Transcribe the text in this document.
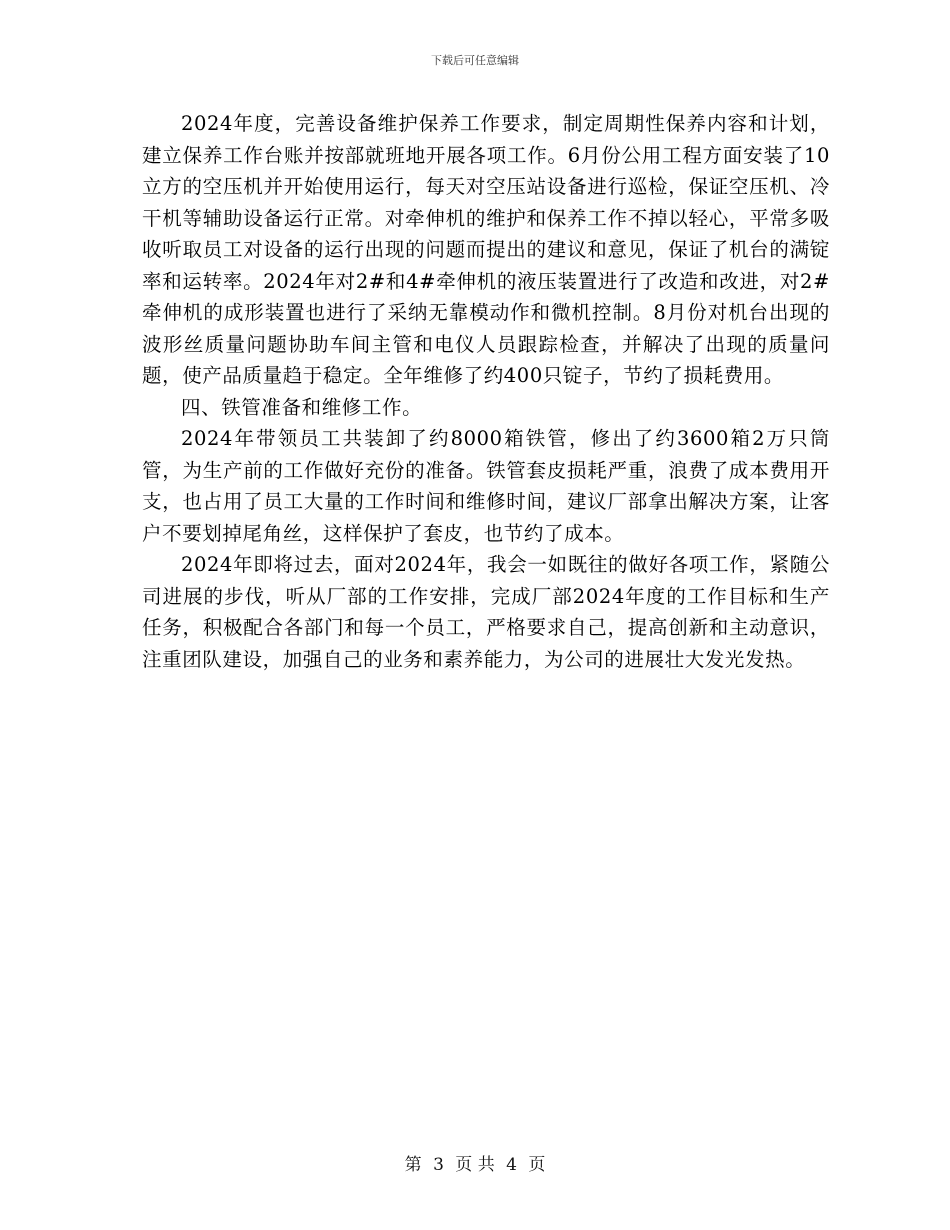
下载后可任意编辑

2024年度，完善设备维护保养工作要求，制定周期性保养内容和计划，建立保养工作台账并按部就班地开展各项工作。6月份公用工程方面安装了10立方的空压机并开始使用运行，每天对空压站设备进行巡检，保证空压机、冷干机等辅助设备运行正常。对牵伸机的维护和保养工作不掉以轻心，平常多吸收听取员工对设备的运行出现的问题而提出的建议和意见，保证了机台的满锭率和运转率。2024年对2#和4#牵伸机的液压装置进行了改造和改进，对2#牵伸机的成形装置也进行了采纳无靠模动作和微机控制。8月份对机台出现的波形丝质量问题协助车间主管和电仪人员跟踪检查，并解决了出现的质量问题，使产品质量趋于稳定。全年维修了约400只锭子，节约了损耗费用。

四、铁管准备和维修工作。

2024年带领员工共装卸了约8000箱铁管，修出了约3600箱2万只筒管，为生产前的工作做好充份的准备。铁管套皮损耗严重，浪费了成本费用开支，也占用了员工大量的工作时间和维修时间，建议厂部拿出解决方案，让客户不要划掉尾角丝，这样保护了套皮，也节约了成本。

2024年即将过去，面对2024年，我会一如既往的做好各项工作，紧随公司进展的步伐，听从厂部的工作安排，完成厂部2024年度的工作目标和生产任务，积极配合各部门和每一个员工，严格要求自己，提高创新和主动意识，注重团队建设，加强自己的业务和素养能力，为公司的进展壮大发光发热。

第 3 页 共 4 页
